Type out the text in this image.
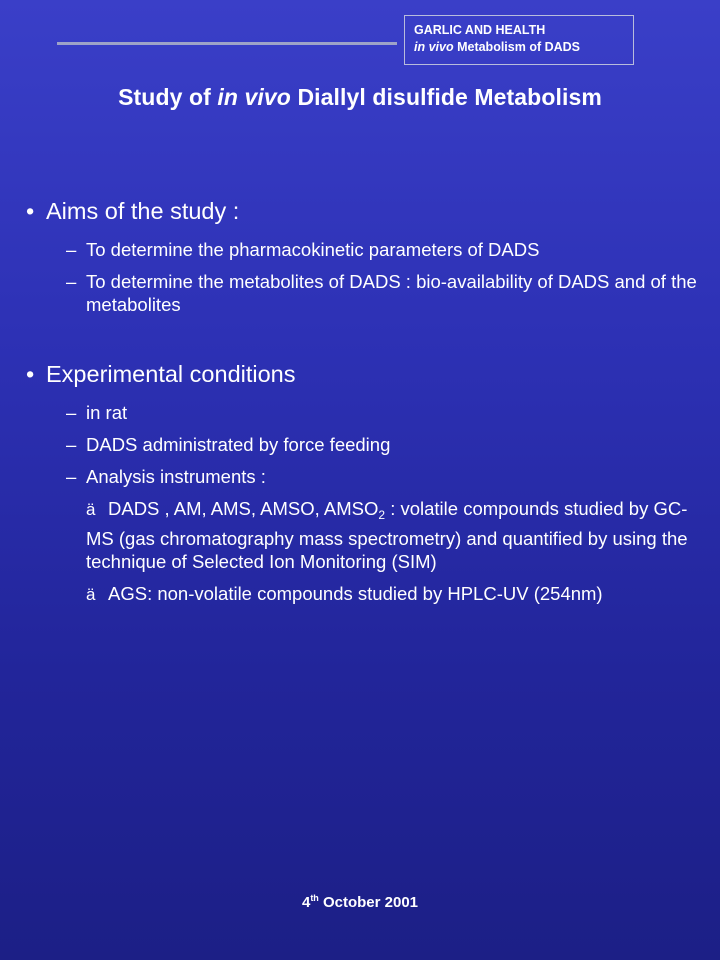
GARLIC AND HEALTH
in vivo Metabolism of DADS
Study of in vivo Diallyl disulfide Metabolism
• Aims of the study :
– To determine the pharmacokinetic parameters of DADS
– To determine the metabolites of DADS : bio-availability of DADS and of the metabolites
• Experimental conditions
– in rat
– DADS administrated by force feeding
– Analysis instruments :
ä DADS , AM, AMS, AMSO, $AMSO_2$ : volatile compounds studied by GC-MS (gas chromatography mass spectrometry) and quantified by using the technique of Selected Ion Monitoring (SIM)
ä AGS: non-volatile compounds studied by HPLC-UV (254nm)
4th October 2001
